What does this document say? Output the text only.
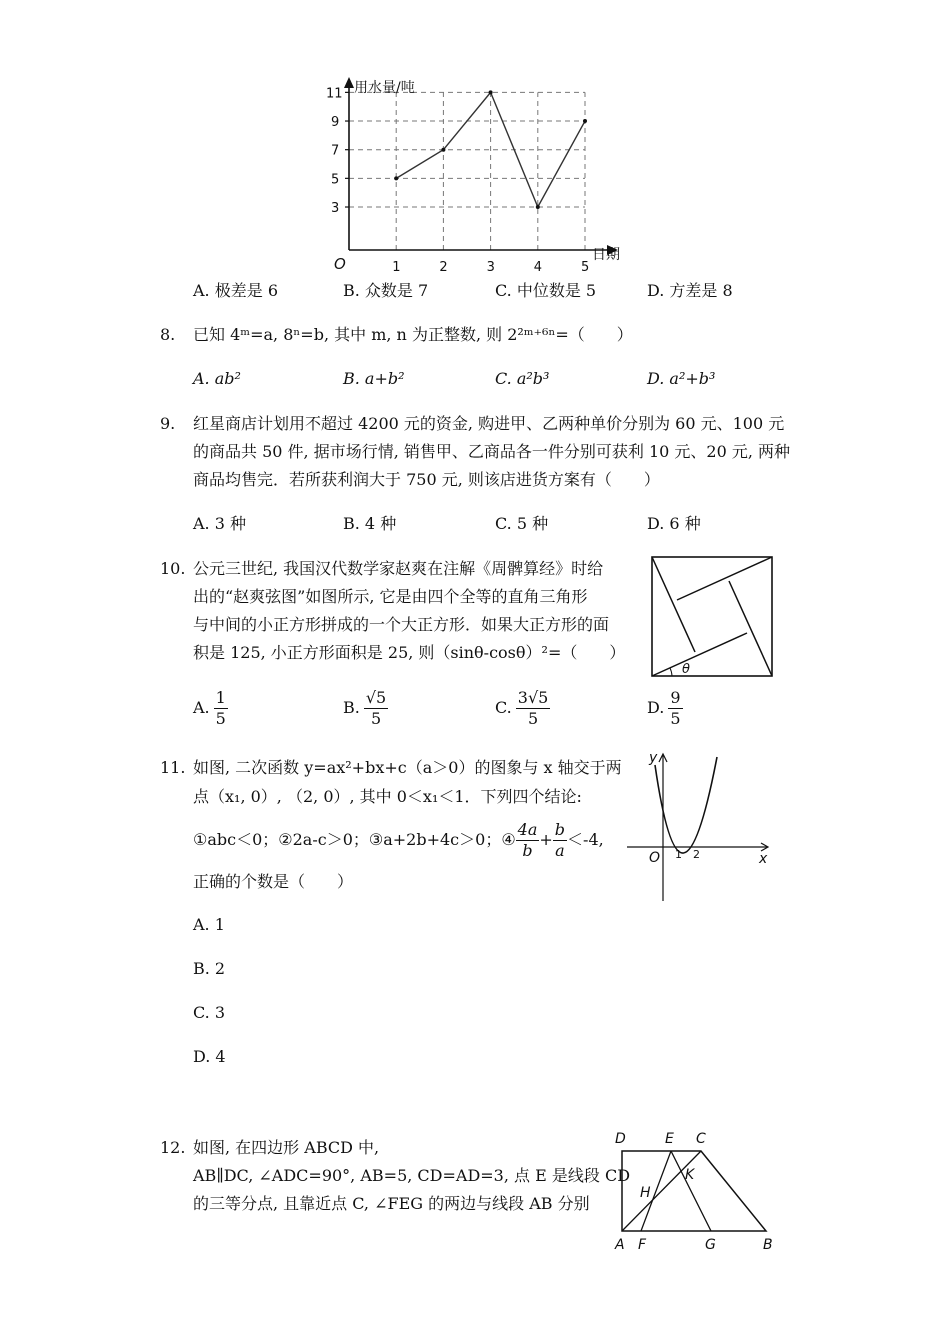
1	2	3	4	5
3
5
7
9
11
O
用水量/吨
日期
A. 极差是 6	B. 众数是 7	C. 中位数是 5	D. 方差是 8
8. 已知 4ᵐ=a, 8ⁿ=b, 其中 m, n 为正整数, 则 2²ᵐ⁺⁶ⁿ=（　　）
A. ab²	B. a+b²	C. a²b³	D. a²+b³
9. 红星商店计划用不超过 4200 元的资金, 购进甲、乙两种单价分别为 60 元、100 元
的商品共 50 件, 据市场行情, 销售甲、乙商品各一件分别可获利 10 元、20 元, 两种
商品均售完．若所获利润大于 750 元, 则该店进货方案有（　　）
A. 3 种	B. 4 种	C. 5 种	D. 6 种
10. 公元三世纪, 我国汉代数学家赵爽在注解《周髀算经》时给
出的“赵爽弦图”如图所示, 它是由四个全等的直角三角形
与中间的小正方形拼成的一个大正方形．如果大正方形的面
积是 125, 小正方形面积是 25, 则（sinθ-cosθ）²=（　　）
θ
A. $\frac{1}{5}$	B. $\frac{√5}{5}$	C. $\frac{3√5}{5}$	D. $\frac{9}{5}$
11. 如图, 二次函数 y=ax²+bx+c（a＞0）的图象与 x 轴交于两
点（x₁, 0）, （2, 0）, 其中 0＜x₁＜1．下列四个结论:
①abc＜0；②2a-c＞0；③a+2b+4c＞0；④ $\frac{4a}{b} + \frac{b}{a} <-4$,
正确的个数是（　　）
y
x
O 1 2
A. 1
B. 2
C. 3
D. 4
12. 如图, 在四边形 ABCD 中,
AB∥DC, ∠ADC=90°, AB=5, CD=AD=3, 点 E 是线段 CD
的三等分点, 且靠近点 C, ∠FEG 的两边与线段 AB 分别
D	E C
K
H
A F	G	B
